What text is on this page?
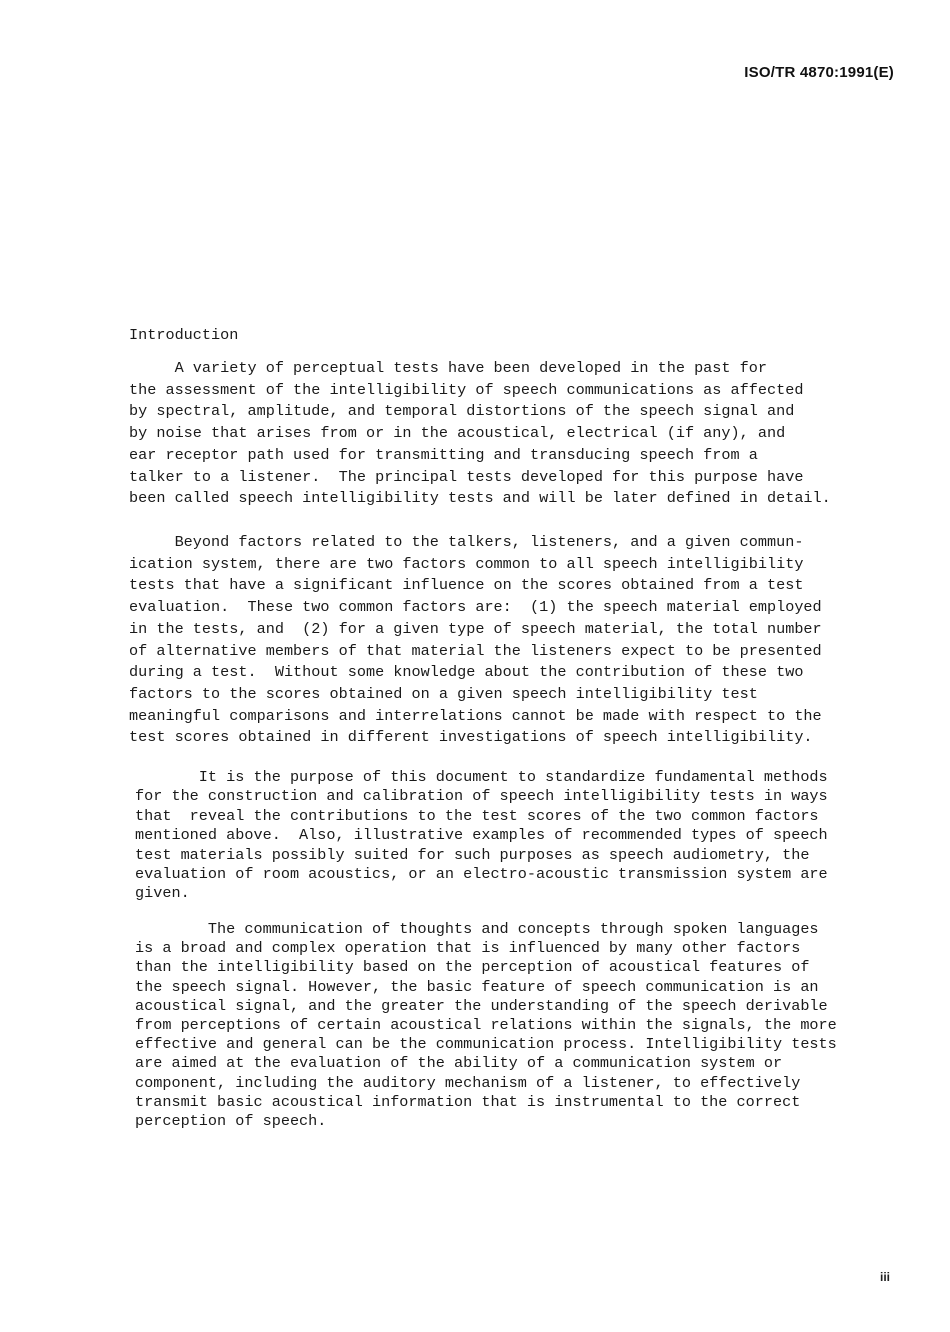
ISO/TR 4870:1991(E)
Introduction
A variety of perceptual tests have been developed in the past for
the assessment of the intelligibility of speech communications as affected
by spectral, amplitude, and temporal distortions of the speech signal and
by noise that arises from or in the acoustical, electrical (if any), and
ear receptor path used for transmitting and transducing speech from a
talker to a listener.  The principal tests developed for this purpose have
been called speech intelligibility tests and will be later defined in detail.
Beyond factors related to the talkers, listeners, and a given commun-
ication system, there are two factors common to all speech intelligibility
tests that have a significant influence on the scores obtained from a test
evaluation.  These two common factors are:  (1) the speech material employed
in the tests, and  (2) for a given type of speech material, the total number
of alternative members of that material the listeners expect to be presented
during a test.  Without some knowledge about the contribution of these two
factors to the scores obtained on a given speech intelligibility test
meaningful comparisons and interrelations cannot be made with respect to the
test scores obtained in different investigations of speech intelligibility.
It is the purpose of this document to standardize fundamental methods
for the construction and calibration of speech intelligibility tests in ways
that  reveal the contributions to the test scores of the two common factors
mentioned above.  Also, illustrative examples of recommended types of speech
test materials possibly suited for such purposes as speech audiometry, the
evaluation of room acoustics, or an electro-acoustic transmission system are
given.
The communication of thoughts and concepts through spoken languages
is a broad and complex operation that is influenced by many other factors
than the intelligibility based on the perception of acoustical features of
the speech signal. However, the basic feature of speech communication is an
acoustical signal, and the greater the understanding of the speech derivable
from perceptions of certain acoustical relations within the signals, the more
effective and general can be the communication process. Intelligibility tests
are aimed at the evaluation of the ability of a communication system or
component, including the auditory mechanism of a listener, to effectively
transmit basic acoustical information that is instrumental to the correct
perception of speech.
iii
